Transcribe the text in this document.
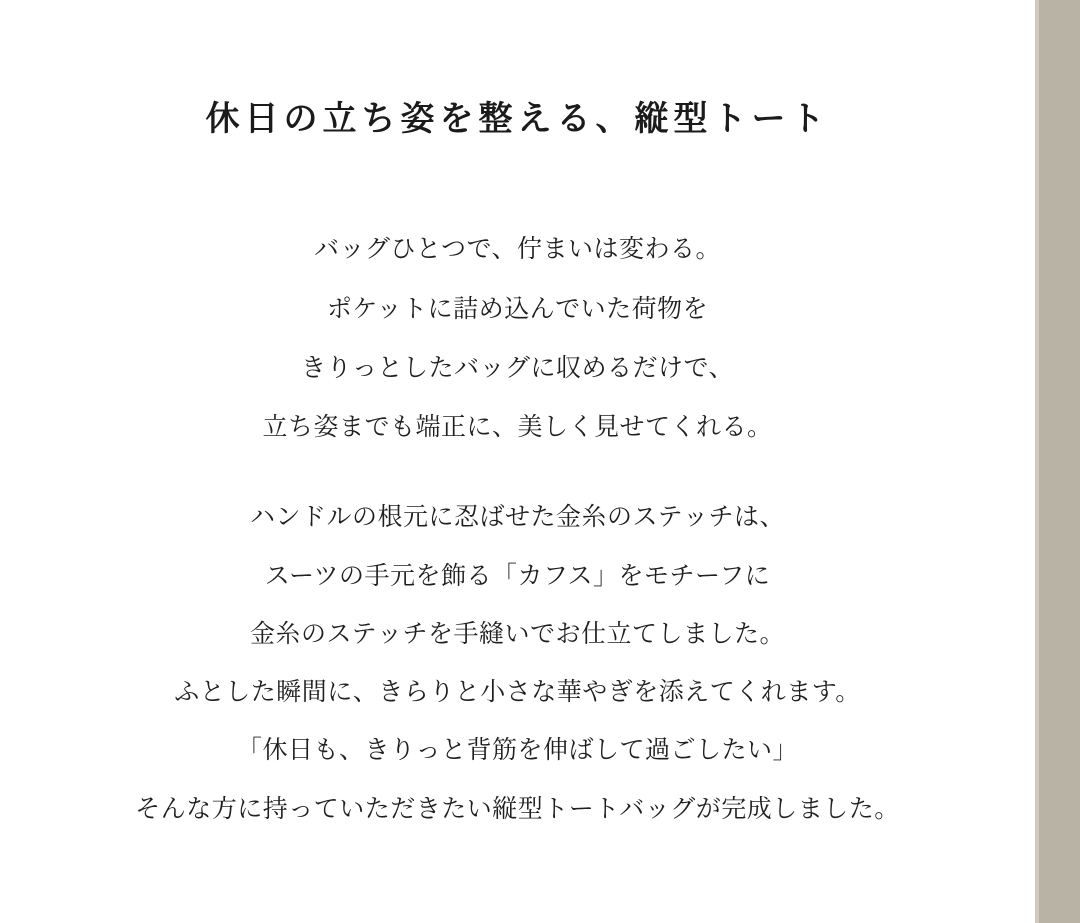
休日の立ち姿を整える、縦型トート

バッグひとつで、佇まいは変わる。

ポケットに詰め込んでいた荷物を

きりっとしたバッグに収めるだけで、

立ち姿までも端正に、美しく見せてくれる。

ハンドルの根元に忍ばせた金糸のステッチは、

スーツの手元を飾る「カフス」をモチーフに

金糸のステッチを手縫いでお仕立てしました。

ふとした瞬間に、きらりと小さな華やぎを添えてくれます。

「休日も、きりっと背筋を伸ばして過ごしたい」

そんな方に持っていただきたい縦型トートバッグが完成しました。
